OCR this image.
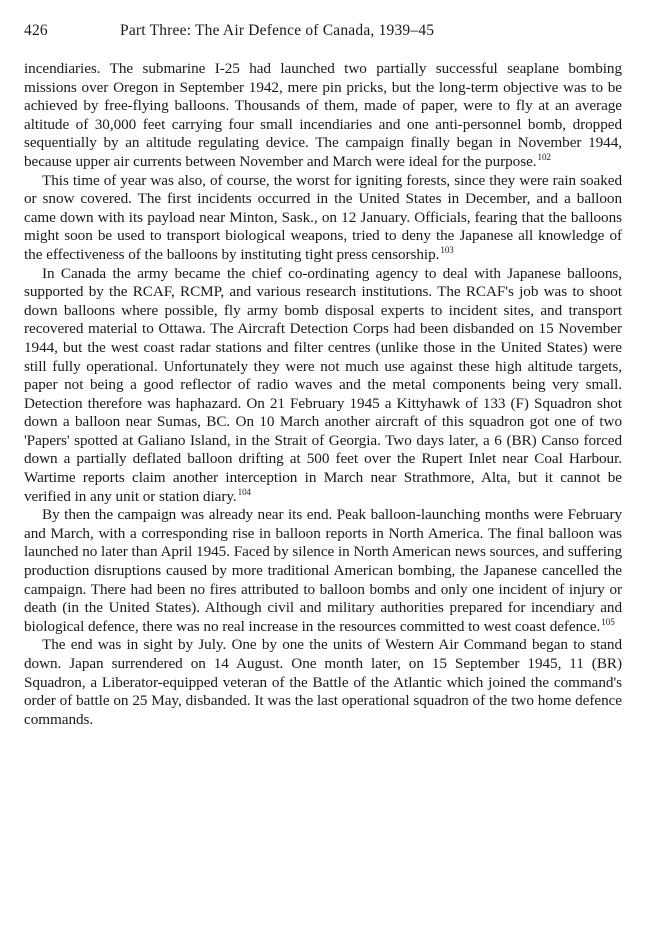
426	Part Three: The Air Defence of Canada, 1939–45

incendiaries. The submarine I-25 had launched two partially successful seaplane bombing missions over Oregon in September 1942, mere pin pricks, but the long-term objective was to be achieved by free-flying balloons. Thousands of them, made of paper, were to fly at an average altitude of 30,000 feet carrying four small incendiaries and one anti-personnel bomb, dropped sequentially by an altitude regulating device. The campaign finally began in November 1944, because upper air currents between November and March were ideal for the purpose.$^{102}$

This time of year was also, of course, the worst for igniting forests, since they were rain soaked or snow covered. The first incidents occurred in the United States in December, and a balloon came down with its payload near Minton, Sask., on 12 January. Officials, fearing that the balloons might soon be used to transport biological weapons, tried to deny the Japanese all knowledge of the effectiveness of the balloons by instituting tight press censorship.$^{103}$

In Canada the army became the chief co-ordinating agency to deal with Japanese balloons, supported by the RCAF, RCMP, and various research institutions. The RCAF's job was to shoot down balloons where possible, fly army bomb disposal experts to incident sites, and transport recovered material to Ottawa. The Aircraft Detection Corps had been disbanded on 15 November 1944, but the west coast radar stations and filter centres (unlike those in the United States) were still fully operational. Unfortunately they were not much use against these high altitude targets, paper not being a good reflector of radio waves and the metal components being very small. Detection therefore was haphazard. On 21 February 1945 a Kittyhawk of 133 (F) Squadron shot down a balloon near Sumas, BC. On 10 March another aircraft of this squadron got one of two 'Papers' spotted at Galiano Island, in the Strait of Georgia. Two days later, a 6 (BR) Canso forced down a partially deflated balloon drifting at 500 feet over the Rupert Inlet near Coal Harbour. Wartime reports claim another interception in March near Strathmore, Alta, but it cannot be verified in any unit or station diary.$^{104}$

By then the campaign was already near its end. Peak balloon-launching months were February and March, with a corresponding rise in balloon reports in North America. The final balloon was launched no later than April 1945. Faced by silence in North American news sources, and suffering production disruptions caused by more traditional American bombing, the Japanese cancelled the campaign. There had been no fires attributed to balloon bombs and only one incident of injury or death (in the United States). Although civil and military authorities prepared for incendiary and biological defence, there was no real increase in the resources committed to west coast defence.$^{105}$

The end was in sight by July. One by one the units of Western Air Command began to stand down. Japan surrendered on 14 August. One month later, on 15 September 1945, 11 (BR) Squadron, a Liberator-equipped veteran of the Battle of the Atlantic which joined the command's order of battle on 25 May, disbanded. It was the last operational squadron of the two home defence commands.
